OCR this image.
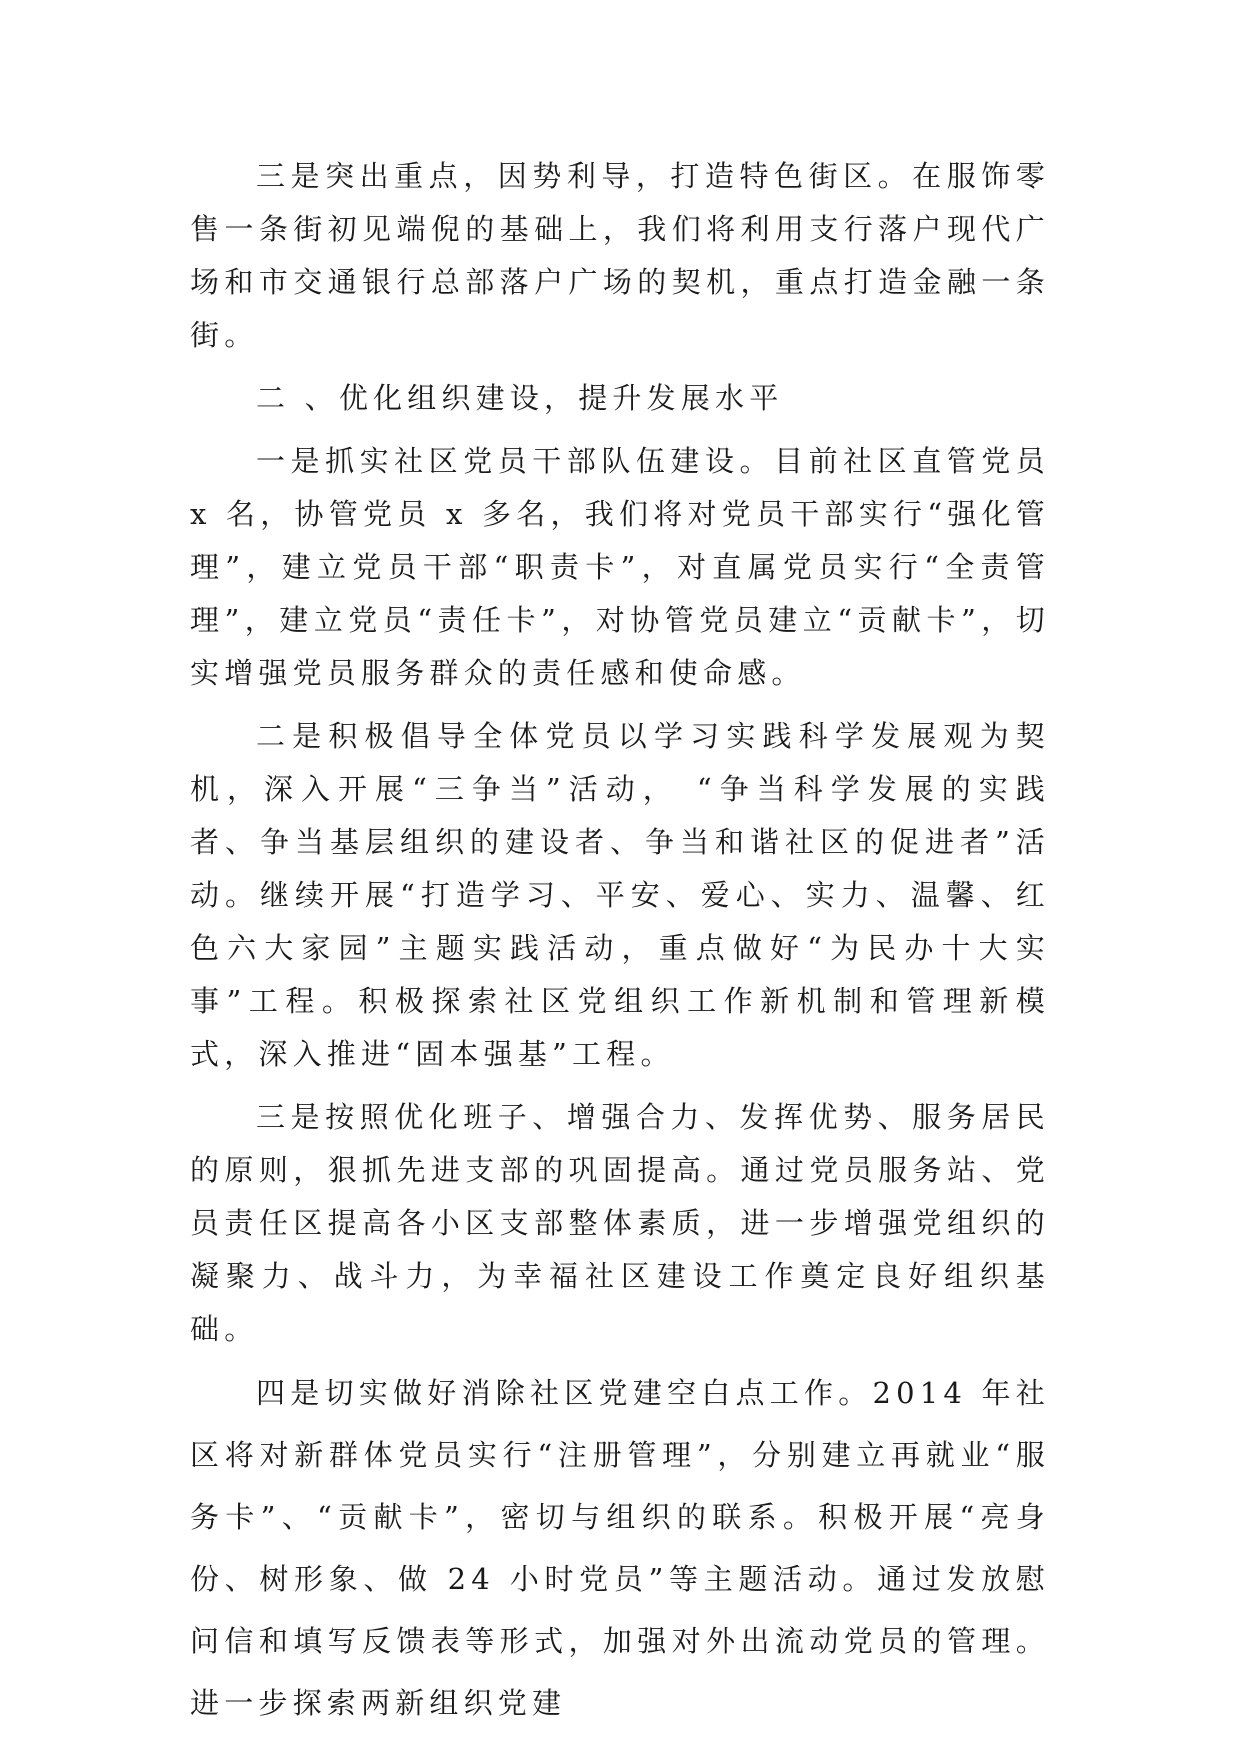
三是突出重点，因势利导，打造特色街区。在服饰零售一条街初见端倪的基础上，我们将利用支行落户现代广场和市交通银行总部落户广场的契机，重点打造金融一条街。

二 、优化组织建设，提升发展水平

一是抓实社区党员干部队伍建设。目前社区直管党员 x 名，协管党员 x 多名，我们将对党员干部实行“强化管理”，建立党员干部“职责卡”，对直属党员实行“全责管理”，建立党员“责任卡”，对协管党员建立“贡献卡”，切实增强党员服务群众的责任感和使命感。

二是积极倡导全体党员以学习实践科学发展观为契机，深入开展“三争当”活动， “争当科学发展的实践者、争当基层组织的建设者、争当和谐社区的促进者”活动。继续开展“打造学习、平安、爱心、实力、温馨、红色六大家园”主题实践活动，重点做好“为民办十大实事”工程。积极探索社区党组织工作新机制和管理新模式，深入推进“固本强基”工程。

三是按照优化班子、增强合力、发挥优势、服务居民的原则，狠抓先进支部的巩固提高。通过党员服务站、党员责任区提高各小区支部整体素质，进一步增强党组织的凝聚力、战斗力，为幸福社区建设工作奠定良好组织基础。

四是切实做好消除社区党建空白点工作。2014 年社区将对新群体党员实行“注册管理”，分别建立再就业“服务卡”、“贡献卡”，密切与组织的联系。积极开展“亮身份、树形象、做 24 小时党员”等主题活动。通过发放慰问信和填写反馈表等形式，加强对外出流动党员的管理。进一步探索两新组织党建
